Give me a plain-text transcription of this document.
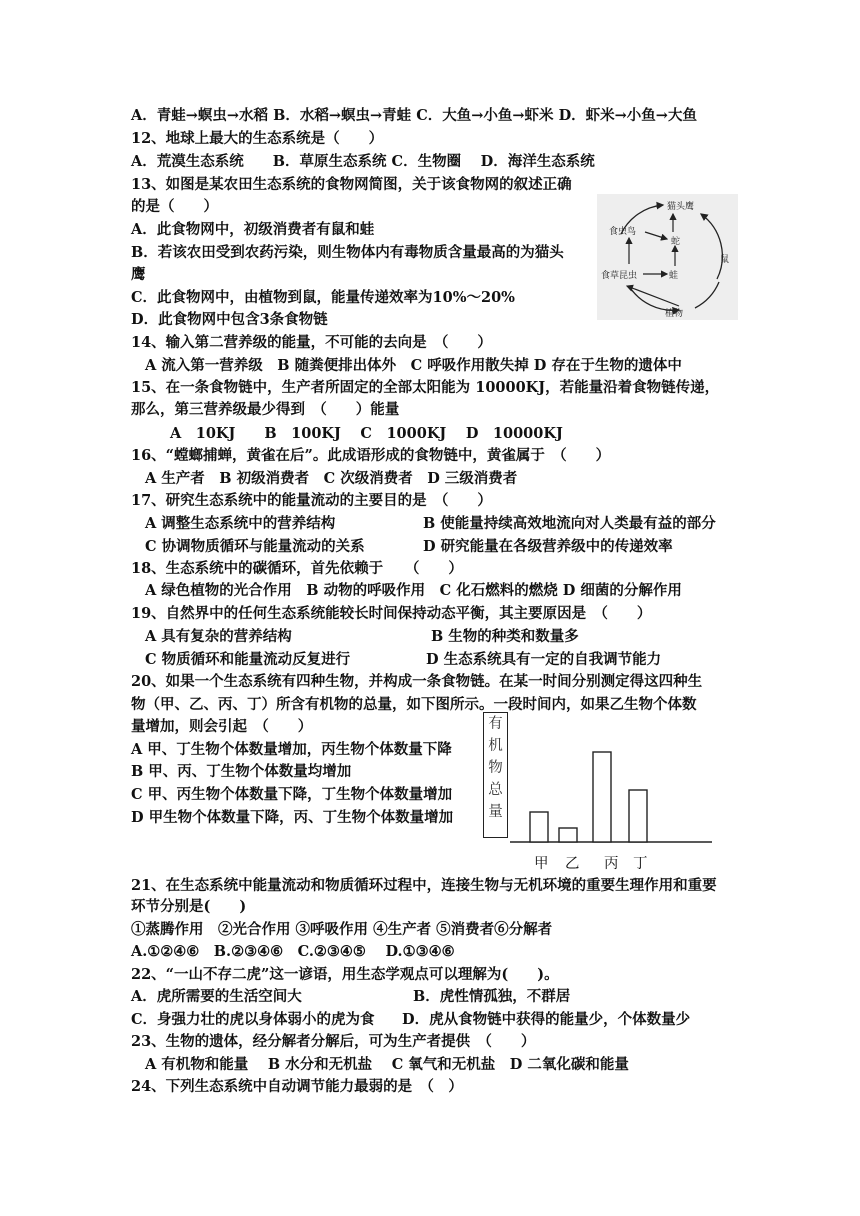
A．青蛙→螟虫→水稻 B．水稻→螟虫→青蛙 C．大鱼→小鱼→虾米 D．虾米→小鱼→大鱼
12、地球上最大的生态系统是（　　）
A．荒漠生态系统　　B．草原生态系统 C．生物圈　 D．海洋生态系统
13、如图是某农田生态系统的食物网简图，关于该食物网的叙述正确
的是（　　）
A．此食物网中，初级消费者有鼠和蛙
B．若该农田受到农药污染，则生物体内有毒物质含量最高的为猫头
鹰
C．此食物网中，由植物到鼠，能量传递效率为10%～20%
D．此食物网中包含3条食物链
猫头鹰
食虫鸟
蛇
食草昆虫	蛙
鼠
植物
14、输入第二营养级的能量，不可能的去向是　（　　）
A 流入第一营养级　B 随粪便排出体外　C 呼吸作用散失掉 D 存在于生物的遗体中
15、在一条食物链中，生产者所固定的全部太阳能为 10000KJ，若能量沿着食物链传递，
那么，第三营养级最少得到　（　　）能量
A　10KJ　　B　100KJ　 C　1000KJ　 D　10000KJ
16、“螳螂捕蝉，黄雀在后”。此成语形成的食物链中，黄雀属于　（　　）
A 生产者　B 初级消费者　C 次级消费者　D 三级消费者
17、研究生态系统中的能量流动的主要目的是　（　　）
A 调整生态系统中的营养结构	B 使能量持续高效地流向对人类最有益的部分
C 协调物质循环与能量流动的关系	D 研究能量在各级营养级中的传递效率
18、生态系统中的碳循环，首先依赖于　　（　　）
A 绿色植物的光合作用　B 动物的呼吸作用　C 化石燃料的燃烧 D 细菌的分解作用
19、自然界中的任何生态系统能较长时间保持动态平衡，其主要原因是　（　　）
A 具有复杂的营养结构	B 生物的种类和数量多
C 物质循环和能量流动反复进行	D 生态系统具有一定的自我调节能力
20、如果一个生态系统有四种生物，并构成一条食物链。在某一时间分别测定得这四种生
物（甲、乙、丙、丁）所含有机物的总量，如下图所示。一段时间内，如果乙生物个体数
量增加，则会引起　（　　）
A 甲、丁生物个体数量增加，丙生物个体数量下降
B 甲、丙、丁生物个体数量均增加
C 甲、丙生物个体数量下降，丁生物个体数量增加
D 甲生物个体数量下降，丙、丁生物个体数量增加
有
机
物
总
量
甲 乙 丙 丁
21、在生态系统中能量流动和物质循环过程中，连接生物与无机环境的重要生理作用和重要
环节分别是(　　)
①蒸腾作用　②光合作用 ③呼吸作用 ④生产者 ⑤消费者⑥分解者
A.①②④⑥　B.②③④⑥　C.②③④⑤　 D.①③④⑥
22、“一山不存二虎”这一谚语，用生态学观点可以理解为(　　)。
A．虎所需要的生活空间大	B．虎性情孤独，不群居
C．身强力壮的虎以身体弱小的虎为食 D．虎从食物链中获得的能量少，个体数量少
23、生物的遗体，经分解者分解后，可为生产者提供　（　　）
A 有机物和能量　 B 水分和无机盐　 C 氧气和无机盐　D 二氧化碳和能量
24、下列生态系统中自动调节能力最弱的是　（　）
